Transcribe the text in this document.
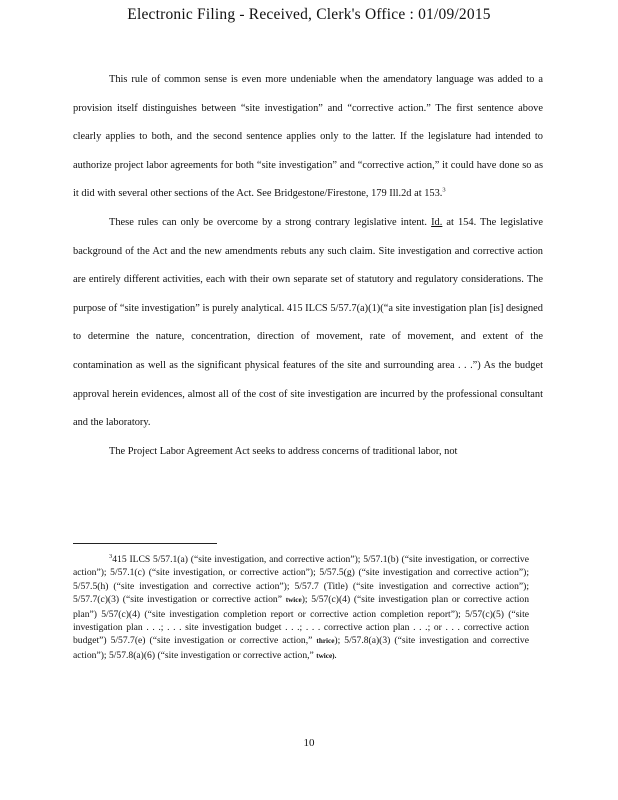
Electronic Filing - Received, Clerk's Office : 01/09/2015

This rule of common sense is even more undeniable when the amendatory language was added to a provision itself distinguishes between “site investigation” and “corrective action.” The first sentence above clearly applies to both, and the second sentence applies only to the latter. If the legislature had intended to authorize project labor agreements for both “site investigation” and “corrective action,” it could have done so as it did with several other sections of the Act. See Bridgestone/Firestone, 179 Ill.2d at 153.$^3$

These rules can only be overcome by a strong contrary legislative intent. Id. at 154. The legislative background of the Act and the new amendments rebuts any such claim. Site investigation and corrective action are entirely different activities, each with their own separate set of statutory and regulatory considerations. The purpose of “site investigation” is purely analytical. 415 ILCS 5/57.7(a)(1)(“a site investigation plan [is] designed to determine the nature, concentration, direction of movement, rate of movement, and extent of the contamination as well as the significant physical features of the site and surrounding area . . .”) As the budget approval herein evidences, almost all of the cost of site investigation are incurred by the professional consultant and the laboratory.

The Project Labor Agreement Act seeks to address concerns of traditional labor, not

$^3$415 ILCS 5/57.1(a) (“site investigation, and corrective action”); 5/57.1(b) (“site investigation, or corrective action”); 5/57.1(c) (“site investigation, or corrective action”); 5/57.5(g) (“site investigation and corrective action”); 5/57.5(h) (“site investigation and corrective action”); 5/57.7 (Title) (“site investigation and corrective action”); 5/57.7(c)(3) (“site investigation or corrective action” twice); 5/57(c)(4) (“site investigation plan or corrective action plan”) 5/57(c)(4) (“site investigation completion report or corrective action completion report”); 5/57(c)(5) (“site investigation plan . . .; . . . site investigation budget . . .; . . . corrective action plan . . .; or . . . corrective action budget”) 5/57.7(e) (“site investigation or corrective action,” thrice); 5/57.8(a)(3) (“site investigation and corrective action”); 5/57.8(a)(6) (“site investigation or corrective action,” twice).
10
